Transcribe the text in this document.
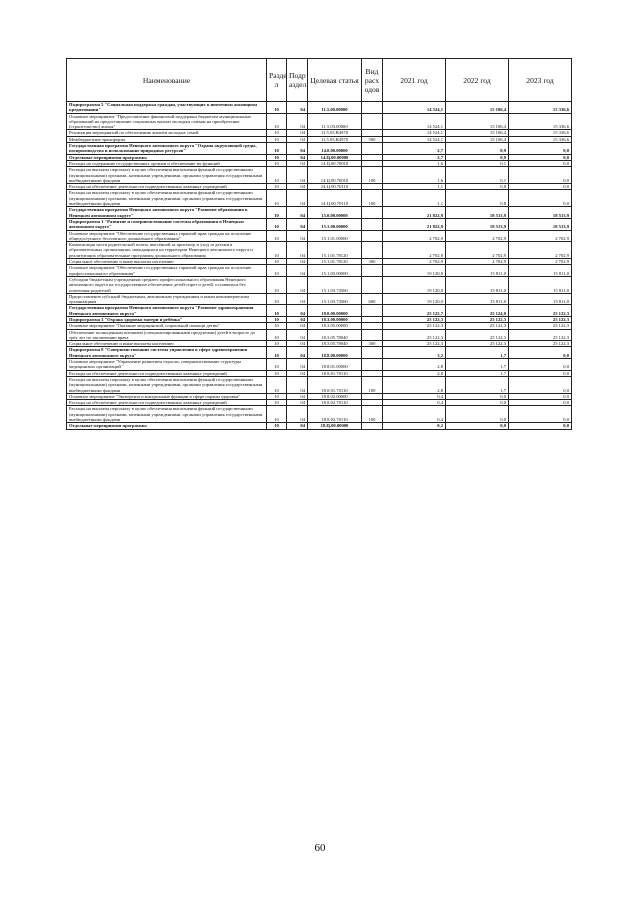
Наименование	Разде л	Подр аздел	Целевая статья	Вид расх одов	2021 год	2022 год	2023 год
Подпрограмма 5 "Социальная поддержка граждан, участвующих в ипотечном жилищном кредитовании"	10	04	11.5.00.00000		14 524,1	15 106,4	15 336,6
Основное мероприятие "Предоставление финансовой поддержки бюджетам муниципальных образований на предоставление социальных выплат молодым семьям на приобретение (строительство) жилья"	10	04	11.5.03.00000		14 524,1	15 106,4	15 336,6
Реализация мероприятий по обеспечению жильём молодых семей	10	04	11.5.03.R4970		14 524,1	15 106,4	15 336,6
Межбюджетные трансферты	10	04	11.5.03.R4970	500	14 524,1	15 106,4	15 336,6
Государственная программа Ненецкого автономного округа "Охрана окружающей среды, воспроизводство и использование природных ресурсов"	10	04	14.0.00.00000		2,7	0,9	0,0
Отдельные мероприятия программы	10	04	14.Ц.00.00000		2,7	0,9	0,0
Расходы на содержание государственных органов и обеспечение их функций	10	04	14.Ц.00.70010		1,6	0,1	0,0
Расходы на выплаты персоналу в целях обеспечения выполнения функций государственными (муниципальными) органами, казенными учреждениями, органами управления государственными внебюджетными фондами	10	04	14.Ц.00.70010	100	1,6	0,1	0,0
Расходы на обеспечение деятельности подведомственных казенных учреждений	10	04	14.Ц.00.70110		1,1	0,8	0,0
Расходы на выплаты персоналу в целях обеспечения выполнения функций государственными (муниципальными) органами, казенными учреждениями, органами управления государственными внебюджетными фондами	10	04	14.Ц.00.70110	100	1,1	0,8	0,0
Государственная программа Ненецкого автономного округа "Развитие образования в Ненецком автономном округе"	10	04	15.0.00.00000		21 822,9	18 513,9	18 513,9
Подпрограмма 1 "Развитие и совершенствование системы образования в Ненецком автономном округе"	10	04	15.1.00.00000		21 822,9	18 513,9	18 513,9
Основное мероприятие "Обеспечение государственных гарантий прав граждан на получение общедоступного бесплатного дошкольного образования"	10	04	15.1.01.00000		2 702,9	2 702,9	2 702,9
Компенсация части родительской платы, внесённой за присмотр и уход за детьми в образовательных организациях, находящихся на территории Ненецкого автономного округа и реализующих образовательные программы дошкольного образования	10	04	15.1.01.78120		2 702,9	2 702,9	2 702,9
Социальное обеспечение и иные выплаты населению	10	04	15.1.01.78120	300	2 702,9	2 702,9	2 702,9
Основное мероприятие "Обеспечение государственных гарантий прав граждан на получение профессионального образования"	10	04	15.1.03.00000		19 120,0	15 811,0	15 811,0
Субсидии бюджетным учреждениям среднего профессионального образования Ненецкого автономного округа на государственное обеспечение детей-сирот и детей, оставшихся без попечения родителей	10	04	15.1.03.74560		19 120,0	15 811,0	15 811,0
Предоставление субсидий бюджетным, автономным учреждениям и иным некоммерческим организациям	10	04	15.1.03.74560	600	19 120,0	15 811,0	15 811,0
Государственная программа Ненецкого автономного округа "Развитие здравоохранения Ненецкого автономного округа"	10	04	18.0.00.00000		25 125,7	25 124,0	25 122,3
Подпрограмма 3 "Охрана здоровья матери и ребёнка"	10	04	18.3.00.00000		25 122,3	25 122,3	25 122,3
Основное мероприятие "Оказание медицинской, социальной помощи детям"	10	04	18.3.05.00000		25 122,3	25 122,3	25 122,3
Обеспечение полноценным питанием (специализированными продуктами) детей в возрасте до трёх лет по заключению врача	10	04	18.3.05.78040		25 122,3	25 122,3	25 122,3
Социальное обеспечение и иные выплаты населению	10	04	18.3.05.78040	300	25 122,3	25 122,3	25 122,3
Подпрограмма 8 "Совершенствование системы управления в сфере здравоохранения Ненецкого автономного округа"	10	04	18.8.00.00000		3,2	1,7	0,0
Основное мероприятие "Управление развитием отрасли, совершенствование структуры медицинских организаций"	10	04	18.8.01.00000		2,8	1,7	0,0
Расходы на обеспечение деятельности подведомственных казенных учреждений	10	04	18.8.01.70110		2,8	1,7	0,0
Расходы на выплаты персоналу в целях обеспечения выполнения функций государственными (муниципальными) органами, казенными учреждениями, органами управления государственными внебюджетными фондами	10	04	18.8.01.70110	100	2,8	1,7	0,0
Основное мероприятие "Экспертиза и контрольные функции в сфере охраны здоровья"	10	04	18.8.02.00000		0,4	0,0	0,0
Расходы на обеспечение деятельности подведомственных казенных учреждений	10	04	18.8.02.70110		0,4	0,0	0,0
Расходы на выплаты персоналу в целях обеспечения выполнения функций государственными (муниципальными) органами, казенными учреждениями, органами управления государственными внебюджетными фондами	10	04	18.8.02.70110	100	0,4	0,0	0,0
Отдельные мероприятия программы	10	04	18.Ц.00.00000		0,2	0,0	0,0
60
